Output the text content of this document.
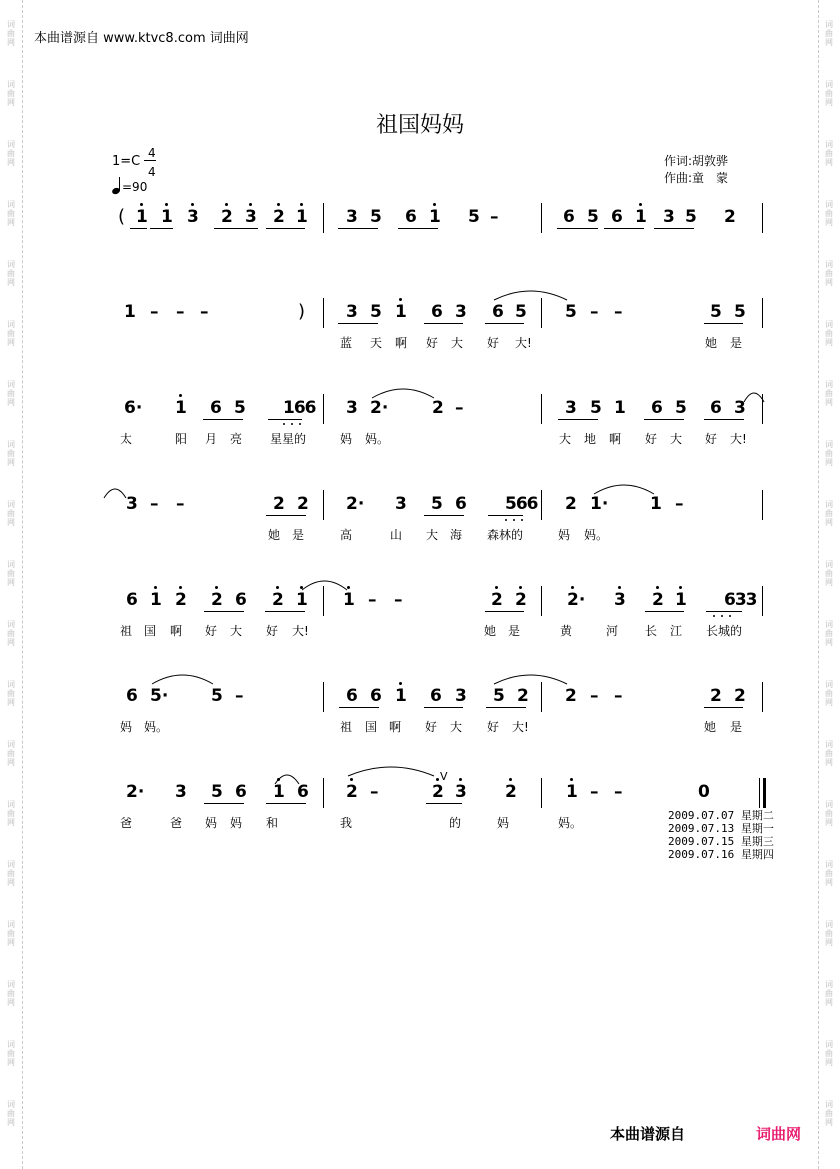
词
曲
网
词
曲
网
词
曲
网
词
曲
网
词
曲
网
词
曲
网
词
曲
网
词
曲
网
词
曲
网
词
曲
网
词
曲
网
词
曲
网
词
曲
网
词
曲
网
词
曲
网
词
曲
网
词
曲
网
词
曲
网
词
曲
网
词
曲
网
词
曲
网
词
曲
网
词
曲
网
词
曲
网
词
曲
网
词
曲
网
词
曲
网
词
曲
网
词
曲
网
词
曲
网
词
曲
网
词
曲
网
词
曲
网
词
曲
网
词
曲
网
词
曲
网
词
曲
网
词
曲
网
本曲谱源自 www.ktvc8.com 词曲网
祖国妈妈
1=C
4
4
=90
作词:胡敦骅
作曲:童　蒙
( 1 1 3 2 3 2 1 3 5 6 1 5 –	6 5 6 1 3 5 2
1 – – –	) 3 5 1 6 3 6 5 5 – –	5 5
蓝 天 啊 好 大 好 大!	她 是
6· 1 6 5 166 3 2·	2 –	3 5 1 6 5 6 3
太	阳 月 亮 星星的	妈 妈。	大 地 啊 好 大 好 大!
3 – –	2 2 2· 3 5 6 566 2 1· 1 –
她 是	高	山 大 海 森林的	妈 妈。
6 1 2 2 6 2 1 1 – –	2 2 2· 3 2 1 633
祖 国 啊 好 大 好 大!	她 是	黄	河 长 江 长城的
6 5·	5 –	6 6 1 6 3 5 2 2 – –	2 2
妈 妈。	祖 国 啊 好 大 好 大!	她 是
2· 3 5 6 1 6 2 –	2 3 2	1 – –	0
爸	爸 妈 妈 和	我	的	妈	妈。
V
2009.07.07 星期二
2009.07.13 星期一
2009.07.15 星期三
2009.07.16 星期四
本曲谱源自	词曲网
